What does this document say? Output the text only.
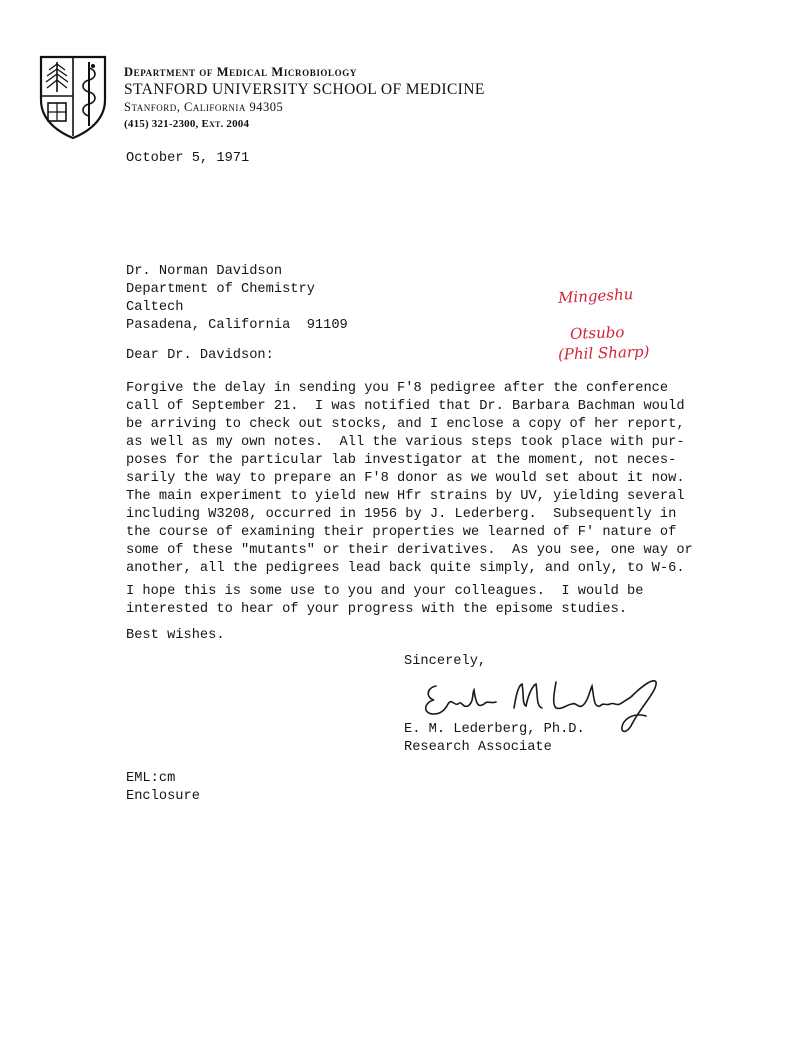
Department of Medical Microbiology
STANFORD UNIVERSITY SCHOOL OF MEDICINE
Stanford, California 94305
(415) 321-2300, Ext. 2004
October 5, 1971
Dr. Norman Davidson
Department of Chemistry
Caltech
Pasadena, California  91109
Dear Dr. Davidson:
Forgive the delay in sending you F'8 pedigree after the conference
call of September 21.  I was notified that Dr. Barbara Bachman would
be arriving to check out stocks, and I enclose a copy of her report,
as well as my own notes.  All the various steps took place with pur-
poses for the particular lab investigator at the moment, not neces-
sarily the way to prepare an F'8 donor as we would set about it now.
The main experiment to yield new Hfr strains by UV, yielding several
including W3208, occurred in 1956 by J. Lederberg.  Subsequently in
the course of examining their properties we learned of F' nature of
some of these "mutants" or their derivatives.  As you see, one way or
another, all the pedigrees lead back quite simply, and only, to W-6.
I hope this is some use to you and your colleagues.  I would be
interested to hear of your progress with the episome studies.
Best wishes.
Sincerely,
E. M. Lederberg, Ph.D.
Research Associate
EML:cm
Enclosure
Mingeshu
Otsubo
(Phil Sharp)
